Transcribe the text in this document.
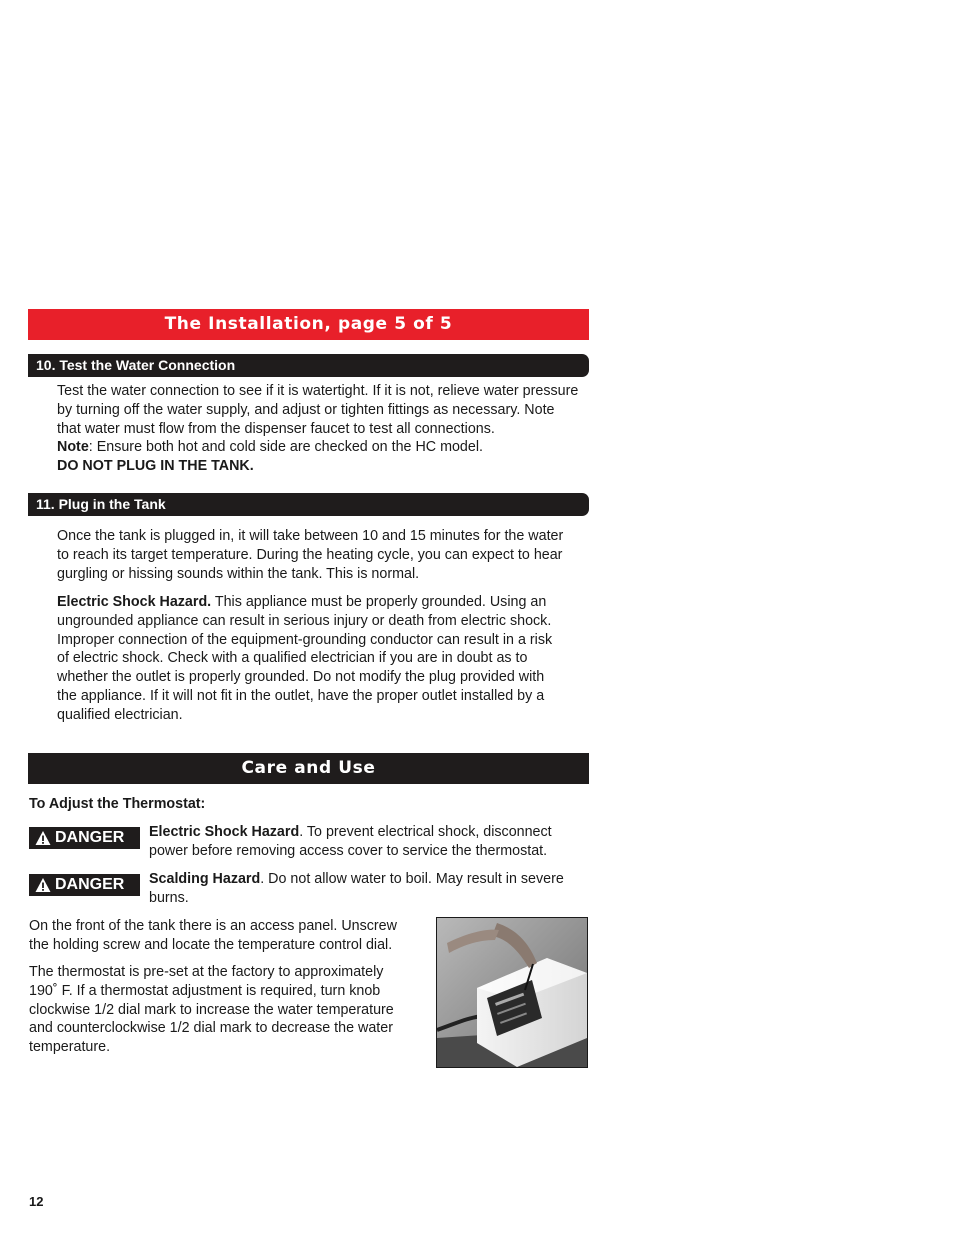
The Installation, page 5 of 5
10. Test the Water Connection

Test the water connection to see if it is watertight. If it is not, relieve water pressure

by turning off the water supply, and adjust or tighten fittings as necessary. Note

that water must flow from the dispenser faucet to test all connections.

Note: Ensure both hot and cold side are checked on the HC model.

DO NOT PLUG IN THE TANK.

11. Plug in the Tank

Once the tank is plugged in, it will take between 10 and 15 minutes for the water

to reach its target temperature. During the heating cycle, you can expect to hear

gurgling or hissing sounds within the tank. This is normal.

Electric Shock Hazard. This appliance must be properly grounded. Using an

ungrounded appliance can result in serious injury or death from electric shock.

Improper connection of the equipment-grounding conductor can result in a risk

of electric shock. Check with a qualified electrician if you are in doubt as to

whether the outlet is properly grounded. Do not modify the plug provided with

the appliance. If it will not fit in the outlet, have the proper outlet installed by a

qualified electrician.

Care and Use
To Adjust the Thermostat:
DANGER Electric Shock Hazard. To prevent electrical shock, disconnect

power before removing access cover to service the thermostat.

DANGER Scalding Hazard. Do not allow water to boil. May result in severe

burns.

On the front of the tank there is an access panel. Unscrew

the holding screw and locate the temperature control dial.

The thermostat is pre-set at the factory to approximately

190˚ F. If a thermostat adjustment is required, turn knob

clockwise 1/2 dial mark to increase the water temperature

and counterclockwise 1/2 dial mark to decrease the water

temperature.

12
